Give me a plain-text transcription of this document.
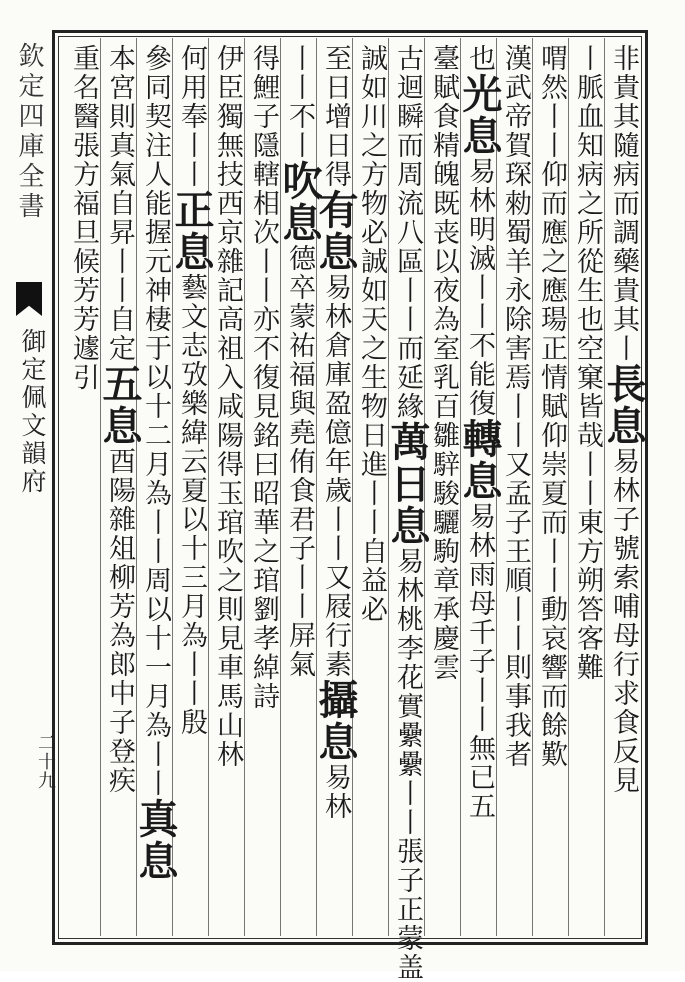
欽定四庫全書
御定佩文韻府
二十九
非貴其隨病而調藥貴其丨長息易林子號索哺母行求食反見
丨脈血知病之所從生也空窠皆哉丨丨東方朔答客難
喟然丨丨仰而應之應瑒正情賦仰崇夏而丨丨動哀響而餘歎
漢武帝賀琛勑蜀羊永除害焉丨丨又孟子王順丨丨則事我者
也光息易林明滅丨丨不能復轉息易林雨母千子丨丨無已五
臺賦食精魄既丧以夜為室乳百雛騂駿驪駒章承慶雲
古迴瞬而周流八區丨丨而延緣萬日息易林桃李花實纍纍丨丨張子正蒙盖
誠如川之方物必誠如天之生物日進丨丨自益必
至日增日得有息易林倉庫盈億年歲丨丨又屐行素攝息易林
丨丨不丨吹息德卒蒙祐福與堯侑食君子丨丨屏氣
得鯉子隱轄相次丨丨亦不復見銘曰昭華之琯劉孝綽詩
伊臣獨無技西京雜記高祖入咸陽得玉琯吹之則見車馬山林
何用奉丨丨正息藝文志攷樂緯云夏以十三月為丨丨殷
參同契注人能握元神棲于以十二月為丨丨周以十一月為丨丨真息
本宮則真氣自昇丨丨自定五息酉陽雜俎柳芳為郎中子登疾
重名醫張方福旦候芳芳遽引
